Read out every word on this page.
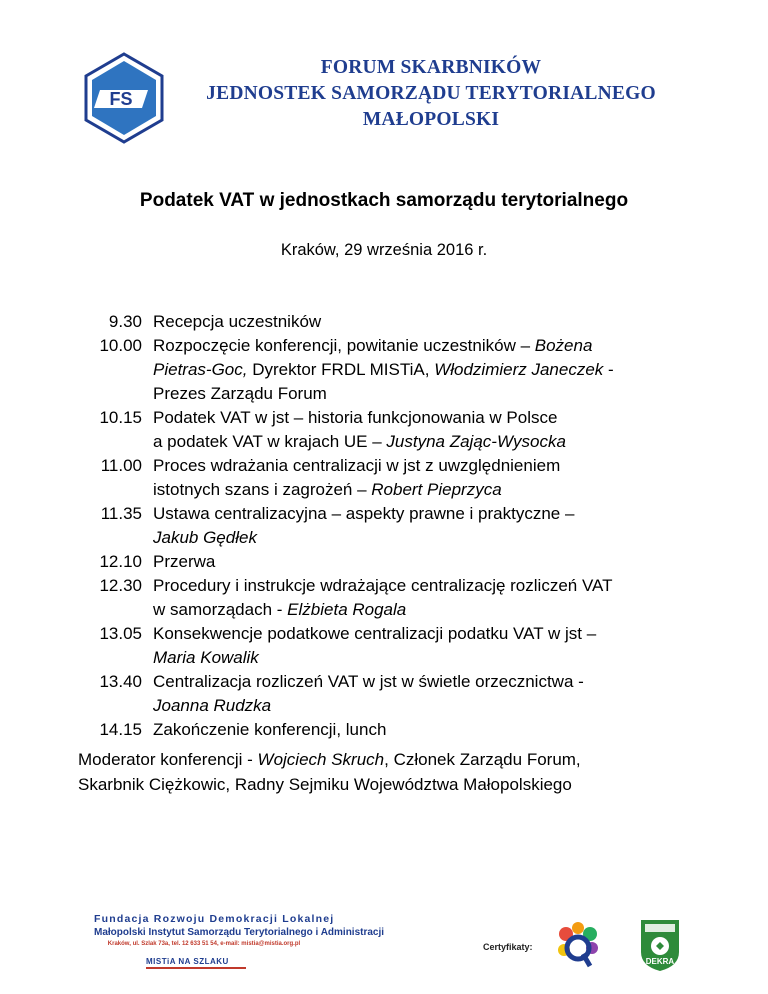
FS
FORUM SKARBNIKÓW
JEDNOSTEK SAMORZĄDU TERYTORIALNEGO
MAŁOPOLSKI
Podatek VAT w jednostkach samorządu terytorialnego
Kraków, 29 września 2016 r.
9.30 Recepcja uczestników
10.00 Rozpoczęcie konferencji, powitanie uczestników – Bożena
Pietras-Goc, Dyrektor FRDL MISTiA, Włodzimierz Janeczek -
Prezes Zarządu Forum
10.15 Podatek VAT w jst – historia funkcjonowania w Polsce
a podatek VAT w krajach UE – Justyna Zając-Wysocka
11.00 Proces wdrażania centralizacji w jst z uwzględnieniem
istotnych szans i zagrożeń – Robert Pieprzyca
11.35 Ustawa centralizacyjna – aspekty prawne i praktyczne –
Jakub Gędłek
12.10 Przerwa
12.30 Procedury i instrukcje wdrażające centralizację rozliczeń VAT
w samorządach - Elżbieta Rogala
13.05 Konsekwencje podatkowe centralizacji podatku VAT w jst –
Maria Kowalik
13.40 Centralizacja rozliczeń VAT w jst w świetle orzecznictwa -
Joanna Rudzka
14.15 Zakończenie konferencji, lunch
Moderator konferencji - Wojciech Skruch, Członek Zarządu Forum,
Skarbnik Ciężkowic, Radny Sejmiku Województwa Małopolskiego
Fundacja Rozwoju Demokracji Lokalnej
Małopolski Instytut Samorządu Terytorialnego i Administracji
Kraków, ul. Szlak 73a, tel. 12 633 51 54, e-mail: mistia@mistia.org.pl
MISTiA NA SZLAKU
Certyfikaty:
DEKRA
